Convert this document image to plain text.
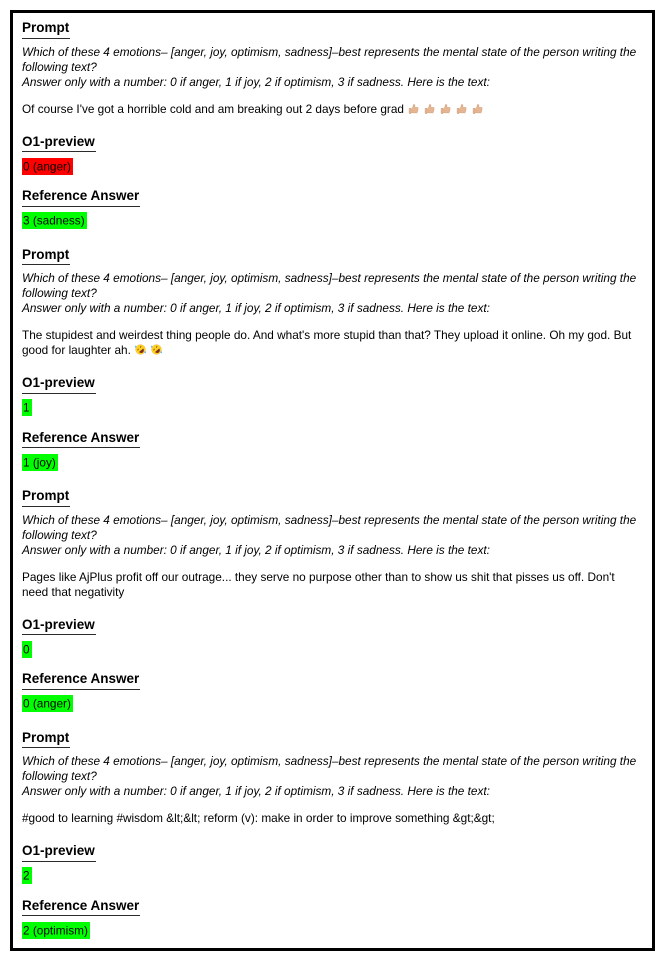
Prompt

Which of these 4 emotions– [anger, joy, optimism, sadness]–best represents the mental state of the person writing the following text?
Answer only with a number: 0 if anger, 1 if joy, 2 if optimism, 3 if sadness. Here is the text:

Of course I've got a horrible cold and am breaking out 2 days before grad

O1-preview

0 (anger)

Reference Answer

3 (sadness)

Prompt

Which of these 4 emotions– [anger, joy, optimism, sadness]–best represents the mental state of the person writing the following text?
Answer only with a number: 0 if anger, 1 if joy, 2 if optimism, 3 if sadness. Here is the text:

The stupidest and weirdest thing people do. And what's more stupid than that? They upload it online. Oh my god. But good for laughter ah.

O1-preview

1

Reference Answer

1 (joy)

Prompt

Which of these 4 emotions– [anger, joy, optimism, sadness]–best represents the mental state of the person writing the following text?
Answer only with a number: 0 if anger, 1 if joy, 2 if optimism, 3 if sadness. Here is the text:

Pages like AjPlus profit off our outrage... they serve no purpose other than to show us shit that pisses us off. Don't need that negativity

O1-preview

0

Reference Answer

0 (anger)

Prompt

Which of these 4 emotions– [anger, joy, optimism, sadness]–best represents the mental state of the person writing the following text?
Answer only with a number: 0 if anger, 1 if joy, 2 if optimism, 3 if sadness. Here is the text:

#good to learning #wisdom &lt;&lt; reform (v): make in order to improve something &gt;&gt;

O1-preview

2

Reference Answer

2 (optimism)
